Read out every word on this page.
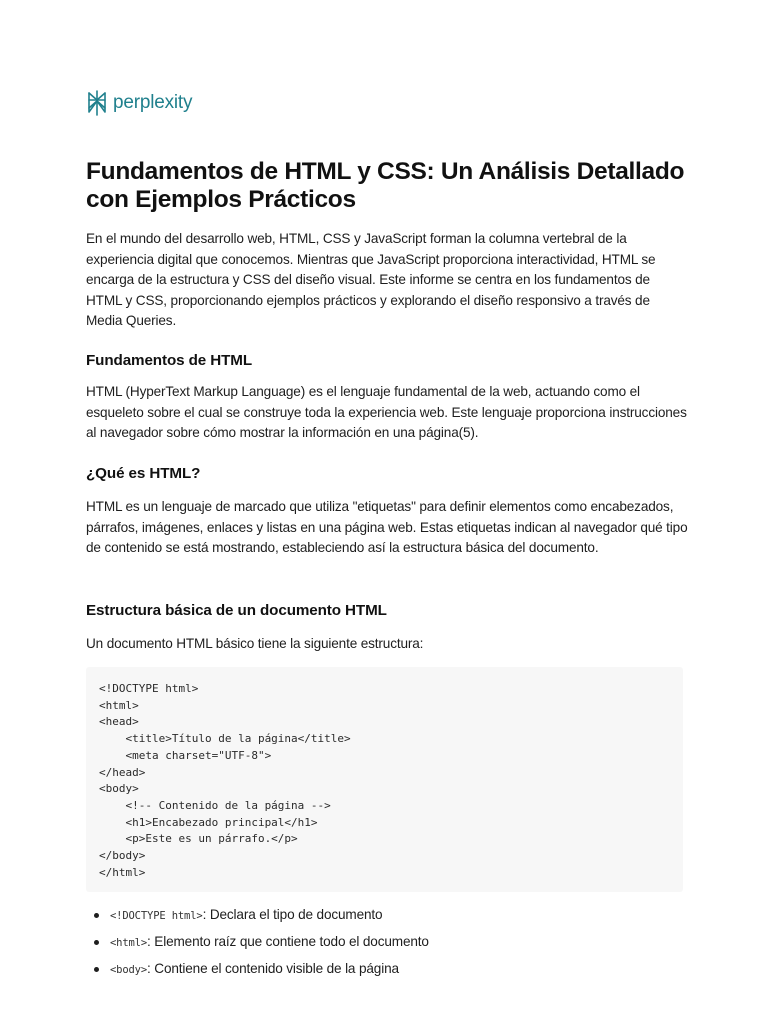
perplexity
Fundamentos de HTML y CSS: Un Análisis Detallado con Ejemplos Prácticos

En el mundo del desarrollo web, HTML, CSS y JavaScript forman la columna vertebral de la experiencia digital que conocemos. Mientras que JavaScript proporciona interactividad, HTML se encarga de la estructura y CSS del diseño visual. Este informe se centra en los fundamentos de HTML y CSS, proporcionando ejemplos prácticos y explorando el diseño responsivo a través de Media Queries.

Fundamentos de HTML

HTML (HyperText Markup Language) es el lenguaje fundamental de la web, actuando como el esqueleto sobre el cual se construye toda la experiencia web. Este lenguaje proporciona instrucciones al navegador sobre cómo mostrar la información en una página(5).

¿Qué es HTML?

HTML es un lenguaje de marcado que utiliza "etiquetas" para definir elementos como encabezados, párrafos, imágenes, enlaces y listas en una página web. Estas etiquetas indican al navegador qué tipo de contenido se está mostrando, estableciendo así la estructura básica del documento.

Estructura básica de un documento HTML

Un documento HTML básico tiene la siguiente estructura:

<!DOCTYPE html>
<html>
<head>
<title>Título de la página</title>
<meta charset="UTF-8">
</head>
<body>
<!-- Contenido de la página -->
<h1>Encabezado principal</h1>
<p>Este es un párrafo.</p>
</body>
</html>
<!DOCTYPE html>: Declara el tipo de documento
<html>: Elemento raíz que contiene todo el documento
<body>: Contiene el contenido visible de la página
